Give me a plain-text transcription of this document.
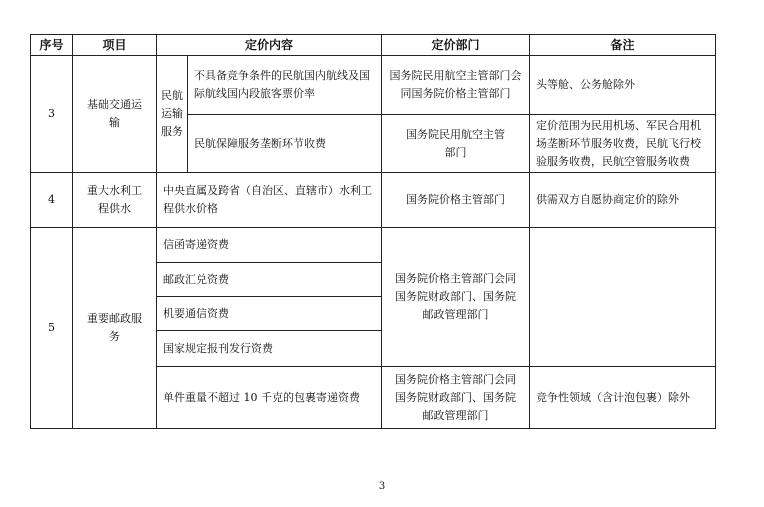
序号	项目	定价内容		定价部门	备注
3	基础交通运输	民航运输服务	不具备竞争条件的民航国内航线及国际航线国内段旅客票价率	国务院民用航空主管部门会同国务院价格主管部门	头等舱、公务舱除外
			民航保障服务垄断环节收费	国务院民用航空主管部门	定价范围为民用机场、军民合用机场垄断环节服务收费，民航飞行校验服务收费，民航空管服务收费
4	重大水利工程供水	中央直属及跨省（自治区、直辖市）水利工程供水价格		国务院价格主管部门	供需双方自愿协商定价的除外
5	重要邮政服务	信函寄递资费		国务院价格主管部门会同国务院财政部门、国务院邮政管理部门	
		邮政汇兑资费			
		机要通信资费			
		国家规定报刊发行资费			
		单件重量不超过 10 千克的包裹寄递资费		国务院价格主管部门会同国务院财政部门、国务院邮政管理部门	竞争性领域（含计泡包裹）除外
3
